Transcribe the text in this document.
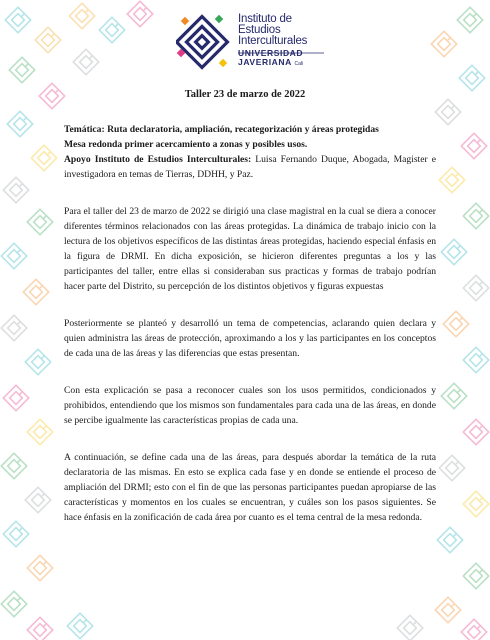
Instituto de
Estudios
Interculturales
UNIVERSIDAD
JAVERIANA Cali
Taller 23 de marzo de 2022

Temática: Ruta declaratoria, ampliación, recategorización y áreas protegidas

Mesa redonda primer acercamiento a zonas y posibles usos.

Apoyo Instituto de Estudios Interculturales: Luisa Fernando Duque, Abogada, Magister e investigadora en temas de Tierras, DDHH, y Paz.

Para el taller del 23 de marzo de 2022 se dirigió una clase magistral en la cual se diera a conocer diferentes términos relacionados con las áreas protegidas. La dinámica de trabajo inicio con la lectura de los objetivos específicos de las distintas áreas protegidas, haciendo especial énfasis en la figura de DRMI. En dicha exposición, se hicieron diferentes preguntas a los y las participantes del taller, entre ellas si consideraban sus practicas y formas de trabajo podrían hacer parte del Distrito, su percepción de los distintos objetivos y figuras expuestas

Posteriormente se planteó y desarrolló un tema de competencias, aclarando quien declara y quien administra las áreas de protección, aproximando a los y las participantes en los conceptos de cada una de las áreas y las diferencias que estas presentan.

Con esta explicación se pasa a reconocer cuales son los usos permitidos, condicionados y prohibidos, entendiendo que los mismos son fundamentales para cada una de las áreas, en donde se percibe igualmente las características propias de cada una.

A continuación, se define cada una de las áreas, para después abordar la temática de la ruta declaratoria de las mismas. En esto se explica cada fase y en donde se entiende el proceso de ampliación del DRMI; esto con el fin de que las personas participantes puedan apropiarse de las características y momentos en los cuales se encuentran, y cuáles son los pasos siguientes. Se hace énfasis en la zonificación de cada área por cuanto es el tema central de la mesa redonda.
